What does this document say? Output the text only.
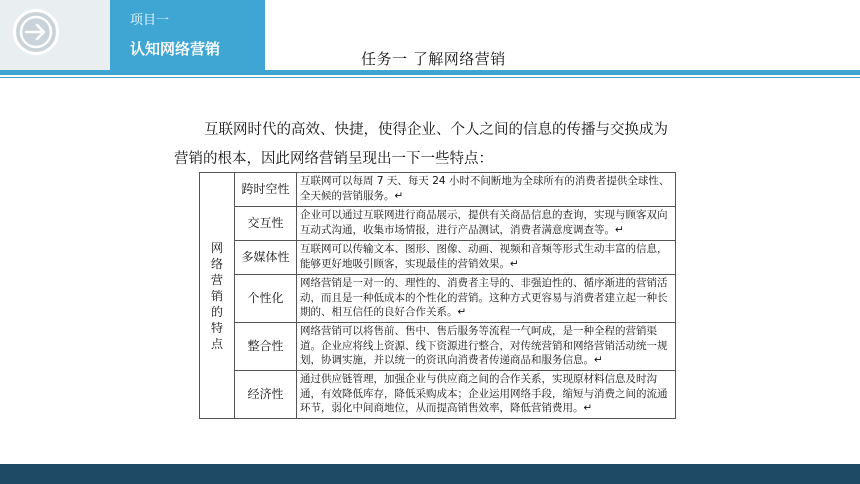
项目一
认知网络营销
任务一 了解网络营销
互联网时代的高效、快捷，使得企业、个人之间的信息的传播与交换成为
营销的根本，因此网络营销呈现出一下一些特点：
网络营销的特点	跨时空性	互联网可以每周 7 天、每天 24 小时不间断地为全球所有的消费者提供全球性、全天候的营销服务。↵
	交互性	企业可以通过互联网进行商品展示，提供有关商品信息的查询，实现与顾客双向互动式沟通，收集市场情报，进行产品测试，消费者满意度调查等。↵
	多媒体性	互联网可以传输文本、图形、图像、动画、视频和音频等形式生动丰富的信息，能够更好地吸引顾客，实现最佳的营销效果。↵
	个性化	网络营销是一对一的、理性的、消费者主导的、非强迫性的、循序渐进的营销活动，而且是一种低成本的个性化的营销。这种方式更容易与消费者建立起一种长期的、相互信任的良好合作关系。↵
	整合性	网络营销可以将售前、售中、售后服务等流程一气呵成，是一种全程的营销渠道。企业应将线上资源、线下资源进行整合，对传统营销和网络营销活动统一规划，协调实施，并以统一的资讯向消费者传递商品和服务信息。↵
	经济性	通过供应链管理，加强企业与供应商之间的合作关系，实现原材料信息及时沟通，有效降低库存，降低采购成本；企业运用网络手段，缩短与消费之间的流通环节，弱化中间商地位，从而提高销售效率，降低营销费用。↵
